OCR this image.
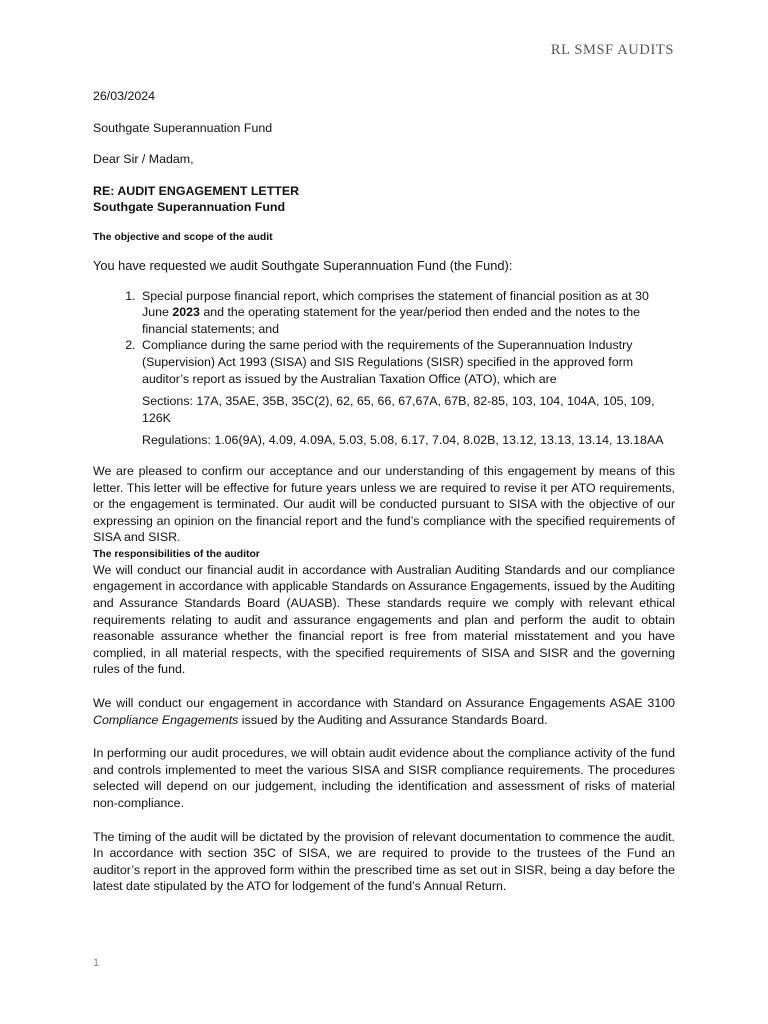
RL SMSF AUDITS

26/03/2024

Southgate Superannuation Fund

Dear Sir / Madam,

RE: AUDIT ENGAGEMENT LETTER

Southgate Superannuation Fund

The objective and scope of the audit

You have requested we audit Southgate Superannuation Fund (the Fund):

1. Special purpose financial report, which comprises the statement of financial position as at 30 June 2023 and the operating statement for the year/period then ended and the notes to the financial statements; and
2. Compliance during the same period with the requirements of the Superannuation Industry (Supervision) Act 1993 (SISA) and SIS Regulations (SISR) specified in the approved form auditor’s report as issued by the Australian Taxation Office (ATO), which are
Sections: 17A, 35AE, 35B, 35C(2), 62, 65, 66, 67,67A, 67B, 82-85, 103, 104, 104A, 105, 109, 126K
Regulations: 1.06(9A), 4.09, 4.09A, 5.03, 5.08, 6.17, 7.04, 8.02B, 13.12, 13.13, 13.14, 13.18AA

We are pleased to confirm our acceptance and our understanding of this engagement by means of this letter. This letter will be effective for future years unless we are required to revise it per ATO requirements, or the engagement is terminated. Our audit will be conducted pursuant to SISA with the objective of our expressing an opinion on the financial report and the fund’s compliance with the specified requirements of SISA and SISR.

The responsibilities of the auditor

We will conduct our financial audit in accordance with Australian Auditing Standards and our compliance engagement in accordance with applicable Standards on Assurance Engagements, issued by the Auditing and Assurance Standards Board (AUASB). These standards require we comply with relevant ethical requirements relating to audit and assurance engagements and plan and perform the audit to obtain reasonable assurance whether the financial report is free from material misstatement and you have complied, in all material respects, with the specified requirements of SISA and SISR and the governing rules of the fund.

We will conduct our engagement in accordance with Standard on Assurance Engagements ASAE 3100 Compliance Engagements issued by the Auditing and Assurance Standards Board.

In performing our audit procedures, we will obtain audit evidence about the compliance activity of the fund and controls implemented to meet the various SISA and SISR compliance requirements. The procedures selected will depend on our judgement, including the identification and assessment of risks of material non-compliance.

The timing of the audit will be dictated by the provision of relevant documentation to commence the audit. In accordance with section 35C of SISA, we are required to provide to the trustees of the Fund an auditor’s report in the approved form within the prescribed time as set out in SISR, being a day before the latest date stipulated by the ATO for lodgement of the fund’s Annual Return.

1
